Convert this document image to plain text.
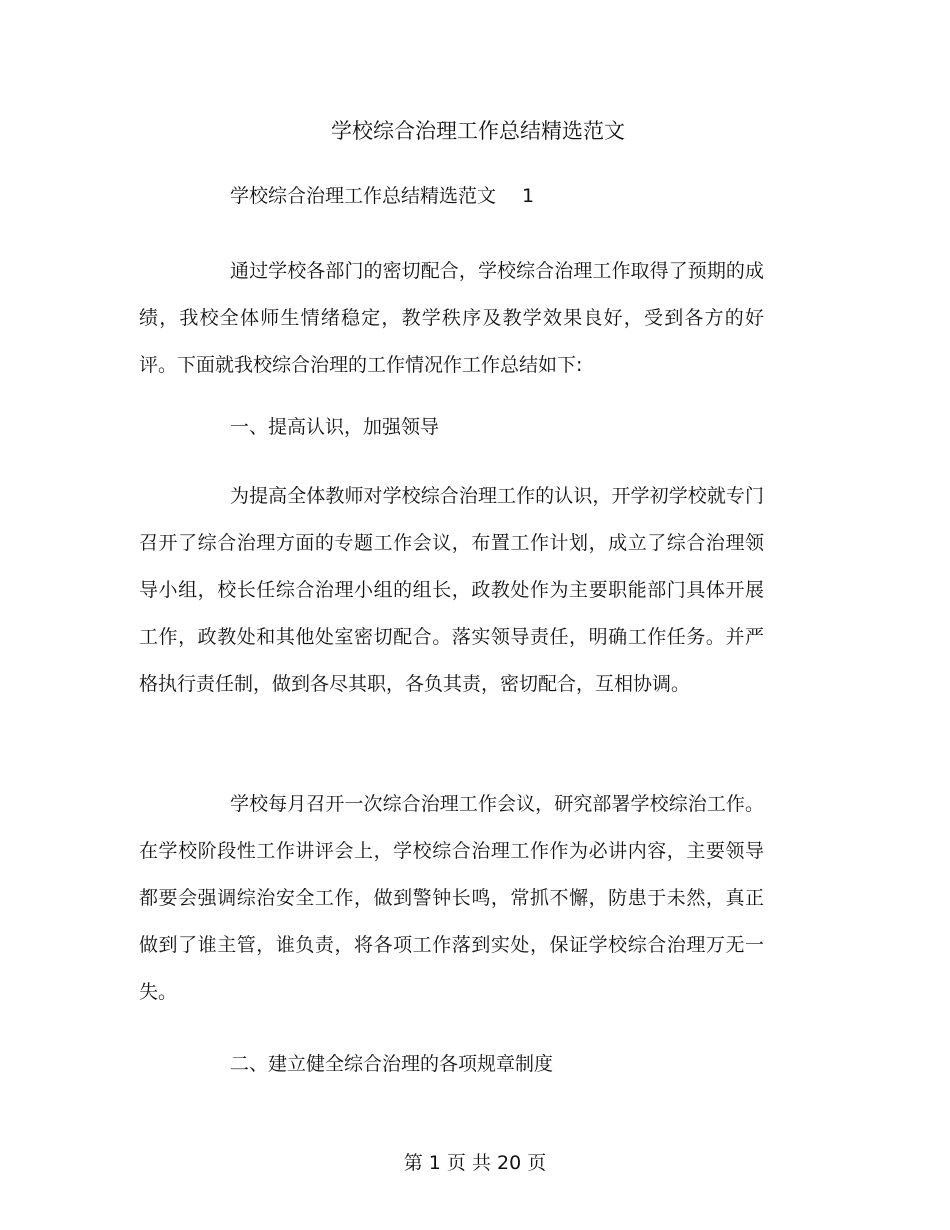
学校综合治理工作总结精选范文
学校综合治理工作总结精选范文 1

通过学校各部门的密切配合，学校综合治理工作取得了预期的成绩，我校全体师生情绪稳定，教学秩序及教学效果良好，受到各方的好评。下面就我校综合治理的工作情况作工作总结如下:

一、提高认识，加强领导

为提高全体教师对学校综合治理工作的认识，开学初学校就专门召开了综合治理方面的专题工作会议，布置工作计划，成立了综合治理领导小组，校长任综合治理小组的组长，政教处作为主要职能部门具体开展工作，政教处和其他处室密切配合。落实领导责任，明确工作任务。并严格执行责任制，做到各尽其职，各负其责，密切配合，互相协调。

学校每月召开一次综合治理工作会议，研究部署学校综治工作。在学校阶段性工作讲评会上，学校综合治理工作作为必讲内容，主要领导都要会强调综治安全工作，做到警钟长鸣，常抓不懈，防患于未然，真正做到了谁主管，谁负责，将各项工作落到实处，保证学校综合治理万无一失。

二、建立健全综合治理的各项规章制度
第 1 页 共 20 页
